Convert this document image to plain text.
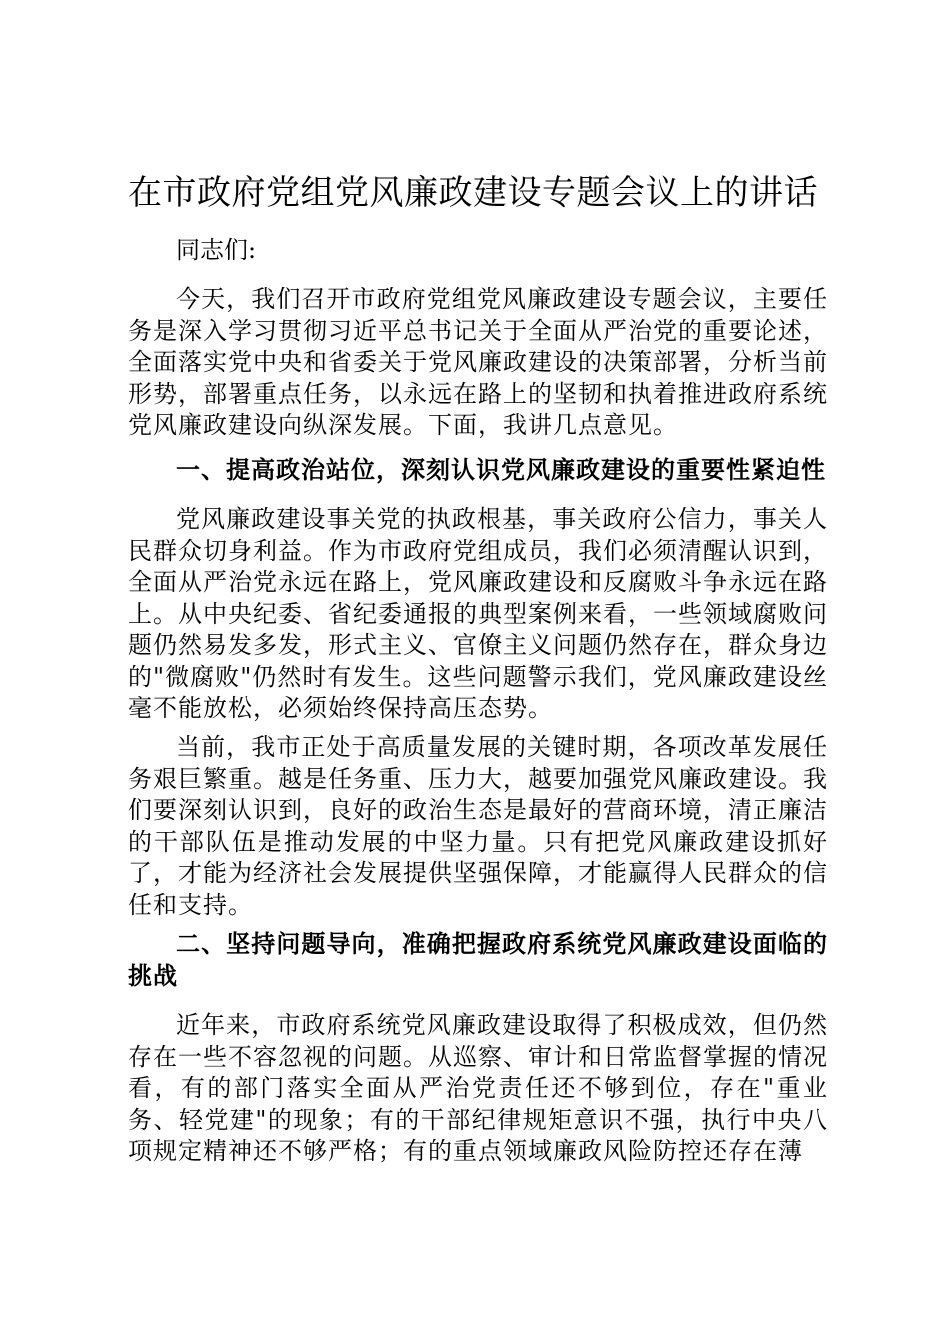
在市政府党组党风廉政建设专题会议上的讲话

同志们:

今天，我们召开市政府党组党风廉政建设专题会议，主要任务是深入学习贯彻习近平总书记关于全面从严治党的重要论述，全面落实党中央和省委关于党风廉政建设的决策部署，分析当前形势，部署重点任务，以永远在路上的坚韧和执着推进政府系统党风廉政建设向纵深发展。下面，我讲几点意见。

一、提高政治站位，深刻认识党风廉政建设的重要性紧迫性

党风廉政建设事关党的执政根基，事关政府公信力，事关人民群众切身利益。作为市政府党组成员，我们必须清醒认识到，全面从严治党永远在路上，党风廉政建设和反腐败斗争永远在路上。从中央纪委、省纪委通报的典型案例来看，一些领域腐败问题仍然易发多发，形式主义、官僚主义问题仍然存在，群众身边的"微腐败"仍然时有发生。这些问题警示我们，党风廉政建设丝毫不能放松，必须始终保持高压态势。

当前，我市正处于高质量发展的关键时期，各项改革发展任务艰巨繁重。越是任务重、压力大，越要加强党风廉政建设。我们要深刻认识到，良好的政治生态是最好的营商环境，清正廉洁的干部队伍是推动发展的中坚力量。只有把党风廉政建设抓好了，才能为经济社会发展提供坚强保障，才能赢得人民群众的信任和支持。

二、坚持问题导向，准确把握政府系统党风廉政建设面临的挑战

近年来，市政府系统党风廉政建设取得了积极成效，但仍然存在一些不容忽视的问题。从巡察、审计和日常监督掌握的情况看，有的部门落实全面从严治党责任还不够到位，存在"重业务、轻党建"的现象；有的干部纪律规矩意识不强，执行中央八项规定精神还不够严格；有的重点领域廉政风险防控还存在薄
